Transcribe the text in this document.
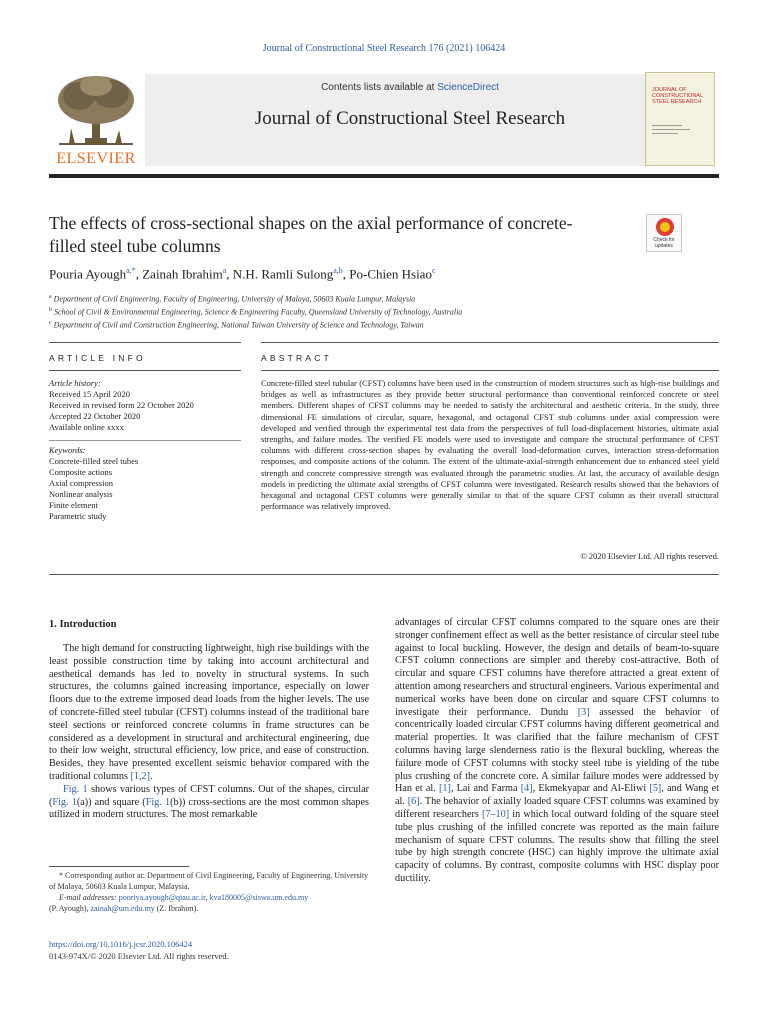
Journal of Constructional Steel Research 176 (2021) 106424
ELSEVIER
Contents lists available at ScienceDirect
Journal of Constructional Steel Research
JOURNAL OF CONSTRUCTIONAL STEEL RESEARCH
The effects of cross-sectional shapes on the axial performance of concrete-filled steel tube columns	Check for updates
Pouria Ayough$^{a,*}$, Zainah Ibrahim$^a$, N.H. Ramli Sulong$^{a,b}$, Po-Chien Hsiao$^c$
$^a$ Department of Civil Engineering, Faculty of Engineering, University of Malaya, 50603 Kuala Lumpur, Malaysia
$^b$ School of Civil & Environmental Engineering, Science & Engineering Faculty, Queensland University of Technology, Australia
$^c$ Department of Civil and Construction Engineering, National Taiwan University of Science and Technology, Taiwan
ARTICLE INFO	ABSTRACT
Article history:
Received 15 April 2020
Received in revised form 22 October 2020
Accepted 22 October 2020
Available online xxxx
Keywords:
Concrete-filled steel tubes
Composite actions
Axial compression
Nonlinear analysis
Finite element
Parametric study
Concrete-filled steel tubular (CFST) columns have been used in the construction of modern structures such as high-rise buildings and bridges as well as infrastructures as they provide better structural performance than conventional reinforced concrete or steel members. Different shapes of CFST columns may be needed to satisfy the architectural and aesthetic criteria. In the study, three dimensional FE simulations of circular, square, hexagonal, and octagonal CFST stub columns under axial compression were developed and verified through the experimental test data from the perspectives of full load-displacement histories, ultimate axial strengths, and failure modes. The verified FE models were used to investigate and compare the structural performance of CFST columns with different cross-section shapes by evaluating the overall load-deformation curves, interaction stress-deformation responses, and composite actions of the column. The extent of the ultimate-axial-strength enhancement due to enhanced steel yield strength and concrete compressive strength was evaluated through the parametric studies. At last, the accuracy of available design models in predicting the ultimate axial strengths of CFST columns were investigated. Research results showed that the behaviors of hexagonal and octagonal CFST columns were generally similar to that of the square CFST column as their overall structural performance was relatively improved.
© 2020 Elsevier Ltd. All rights reserved.
1. Introduction

The high demand for constructing lightweight, high rise buildings with the least possible construction time by taking into account architectural and aesthetical demands has led to novelty in structural systems. In such structures, the columns gained increasing importance, especially on lower floors due to the extreme imposed dead loads from the higher levels. The use of concrete-filled steel tubular (CFST) columns instead of the traditional bare steel sections or reinforced concrete columns in frame structures can be considered as a development in structural and architectural engineering, due to their low weight, structural efficiency, low price, and ease of construction. Besides, they have presented excellent seismic behavior compared with the traditional columns [1,2].

Fig. 1 shows various types of CFST columns. Out of the shapes, circular (Fig. 1(a)) and square (Fig. 1(b)) cross-sections are the most common shapes utilized in modern structures. The most remarkable

advantages of circular CFST columns compared to the square ones are their stronger confinement effect as well as the better resistance of circular steel tube against to local buckling. However, the design and details of beam-to-square CFST column connections are simpler and thereby cost-attractive. Both of circular and square CFST columns have therefore attracted a great extent of attention among researchers and structural engineers. Various experimental and numerical works have been done on circular and square CFST columns to investigate their performance. Dundu [3] assessed the behavior of concentrically loaded circular CFST columns having different geometrical and material properties. It was clarified that the failure mechanism of CFST columns having large slenderness ratio is the flexural buckling, whereas the failure mode of CFST columns with stocky steel tube is yielding of the tube plus crushing of the concrete core. A similar failure modes were addressed by Han et al. [1], Lai and Farma [4], Ekmekyapar and Al-Eliwi [5], and Wang et al. [6]. The behavior of axially loaded square CFST columns was examined by different researchers [7–10] in which local outward folding of the square steel tube plus crushing of the infilled concrete was reported as the main failure mechanism of square CFST columns. The results show that filling the steel tube by high strength concrete (HSC) can highly improve the ultimate axial capacity of columns. By contrast, composite columns with HSC display poor ductility.

* Corresponding author at: Department of Civil Engineering, Faculty of Engineering, University of Malaya, 50603 Kuala Lumpur, Malaysia.
E-mail addresses: pooriya.ayough@qiau.ac.ir, kva180005@siswa.um.edu.my
(P. Ayough), zainah@um.edu.my (Z. Ibrahim).
https://doi.org/10.1016/j.jcsr.2020.106424
0143-974X/© 2020 Elsevier Ltd. All rights reserved.
